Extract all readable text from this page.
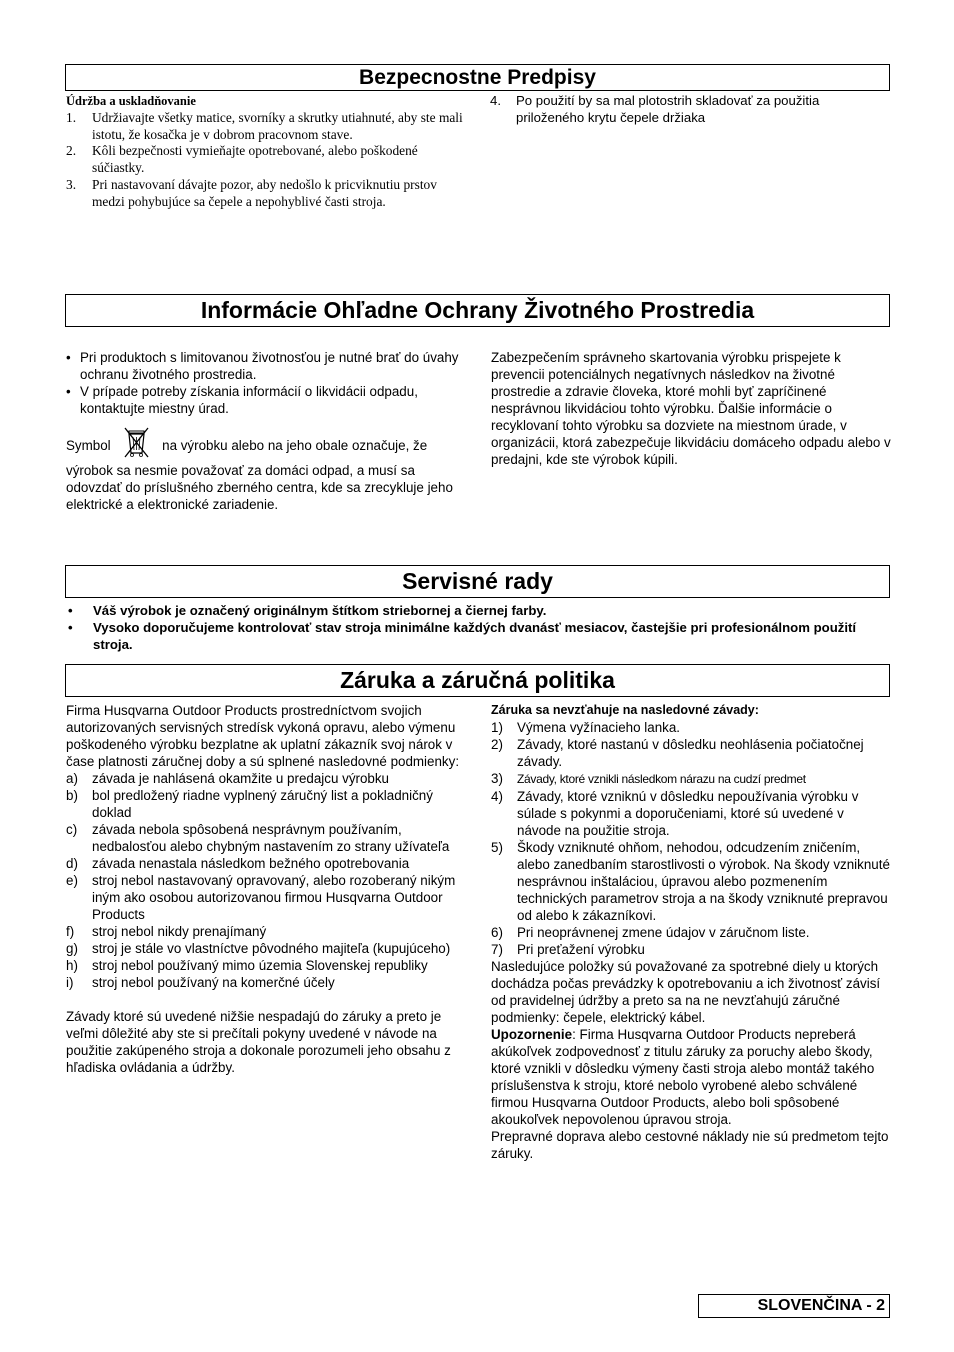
Bezpecnostne Predpisy
Údržba a uskladňovanie
1. Udržiavajte všetky matice, svorníky a skrutky utiahnuté, aby ste mali istotu, že kosačka je v dobrom pracovnom stave.
2. Kôli bezpečnosti vymieňajte opotrebované, alebo poškodené súčiastky.
3. Pri nastavovaní dávajte pozor, aby nedošlo k pricviknutiu prstov medzi pohybujúce sa čepele a nepohyblivé časti stroja.
4. Po použití by sa mal plotostrih skladovať za použitia priloženého krytu čepele držiaka
Informácie Ohľadne Ochrany Životného Prostredia
• Pri produktoch s limitovanou životnosťou je nutné brať do úvahy ochranu životného prostredia.
• V prípade potreby získania informácií o likvidácii odpadu, kontaktujte miestny úrad.
Symbol	na výrobku alebo na jeho obale označuje, že výrobok sa nesmie považovať za domáci odpad, a musí sa odovzdať do príslušného zberného centra, kde sa zrecykluje jeho elektrické a elektronické zariadenie.
Zabezpečením správneho skartovania výrobku prispejete k prevencii potenciálnych negatívnych následkov na životné prostredie a zdravie človeka, ktoré mohli byť zapríčinené nesprávnou likvidáciou tohto výrobku. Ďalšie informácie o recyklovaní tohto výrobku sa dozviete na miestnom úrade, v organizácii, ktorá zabezpečuje likvidáciu domáceho odpadu alebo v predajni, kde ste výrobok kúpili.
Servisné rady
• Váš výrobok je označený originálnym štítkom striebornej a čiernej farby.
• Vysoko doporučujeme kontrolovať stav stroja minimálne každých dvanásť mesiacov, častejšie pri profesionálnom použití stroja.
Záruka a záručná politika
Firma Husqvarna Outdoor Products prostredníctvom svojich autorizovaných servisných stredísk vykoná opravu, alebo výmenu poškodeného výrobku bezplatne ak uplatní zákazník svoj nárok v čase platnosti záručnej doby a sú splnené nasledovné podmienky:
a) závada je nahlásená okamžite u predajcu výrobku
b) bol predložený riadne vyplnený záručný list a pokladničný doklad
c) závada nebola spôsobená nesprávnym používaním, nedbalosťou alebo chybným nastavením zo strany užívateľa
d) závada nenastala následkom bežného opotrebovania
e) stroj nebol nastavovaný opravovaný, alebo rozoberaný nikým iným ako osobou autorizovanou firmou Husqvarna Outdoor Products
f) stroj nebol nikdy prenajímaný
g) stroj je stále vo vlastníctve pôvodného majiteľa (kupujúceho)
h) stroj nebol používaný mimo územia Slovenskej republiky
i) stroj nebol používaný na komerčné účely
Závady ktoré sú uvedené nižšie nespadajú do záruky a preto je veľmi dôležité aby ste si prečítali pokyny uvedené v návode na použitie zakúpeného stroja a dokonale porozumeli jeho obsahu z hľadiska ovládania a údržby.
Záruka sa nevzťahuje na nasledovné závady:
1) Výmena vyžínacieho lanka.
2) Závady, ktoré nastanú v dôsledku neohlásenia počiatočnej závady.
3) Závady, ktoré vznikli následkom nárazu na cudzí predmet
4) Závady, ktoré vzniknú v dôsledku nepoužívania výrobku v súlade s pokynmi a doporučeniami, ktoré sú uvedené v návode na použitie stroja.
5) Škody vzniknuté ohňom, nehodou, odcudzením zničením, alebo zanedbaním starostlivosti o výrobok. Na škody vzniknuté nesprávnou inštaláciou, úpravou alebo pozmenením technických parametrov stroja a na škody vzniknuté prepravou od alebo k zákazníkovi.
6) Pri neoprávnenej zmene údajov v záručnom liste.
7) Pri preťažení výrobku
Nasledujúce položky sú považované za spotrebné diely u ktorých dochádza počas prevádzky k opotrebovaniu a ich životnosť závisí od pravidelnej údržby a preto sa na ne nevzťahujú záručné podmienky: čepele, elektrický kábel.
Upozornenie: Firma Husqvarna Outdoor Products nepreberá akúkoľvek zodpovednosť z titulu záruky za poruchy alebo škody, ktoré vznikli v dôsledku výmeny časti stroja alebo montáž takého príslušenstva k stroju, ktoré nebolo vyrobené alebo schválené firmou Husqvarna Outdoor Products, alebo boli spôsobené akoukoľvek nepovolenou úpravou stroja.
Prepravné doprava alebo cestovné náklady nie sú predmetom tejto záruky.
SLOVENČINA - 2
